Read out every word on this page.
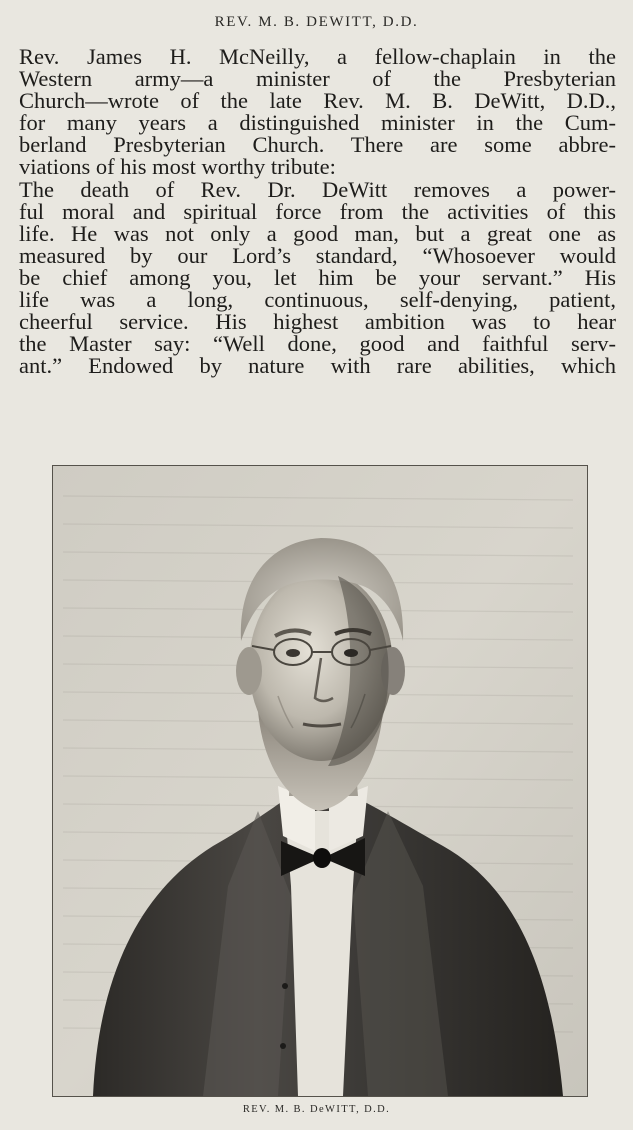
REV. M. B. DEWITT, D.D.

Rev. James H. McNeilly, a fellow-chaplain in the
Western army—a minister of the Presbyterian
Church—wrote of the late Rev. M. B. DeWitt, D.D.,
for many years a distinguished minister in the Cum-
berland Presbyterian Church. There are some abbre-
viations of his most worthy tribute:

The death of Rev. Dr. DeWitt removes a power-
ful moral and spiritual force from the activities of this
life. He was not only a good man, but a great one as
measured by our Lord’s standard, “Whosoever would
be chief among you, let him be your servant.” His
life was a long, continuous, self-denying, patient,
cheerful service. His highest ambition was to hear
the Master say: “Well done, good and faithful serv-
ant.” Endowed by nature with rare abilities, which

REV. M. B. DeWITT, D.D.
